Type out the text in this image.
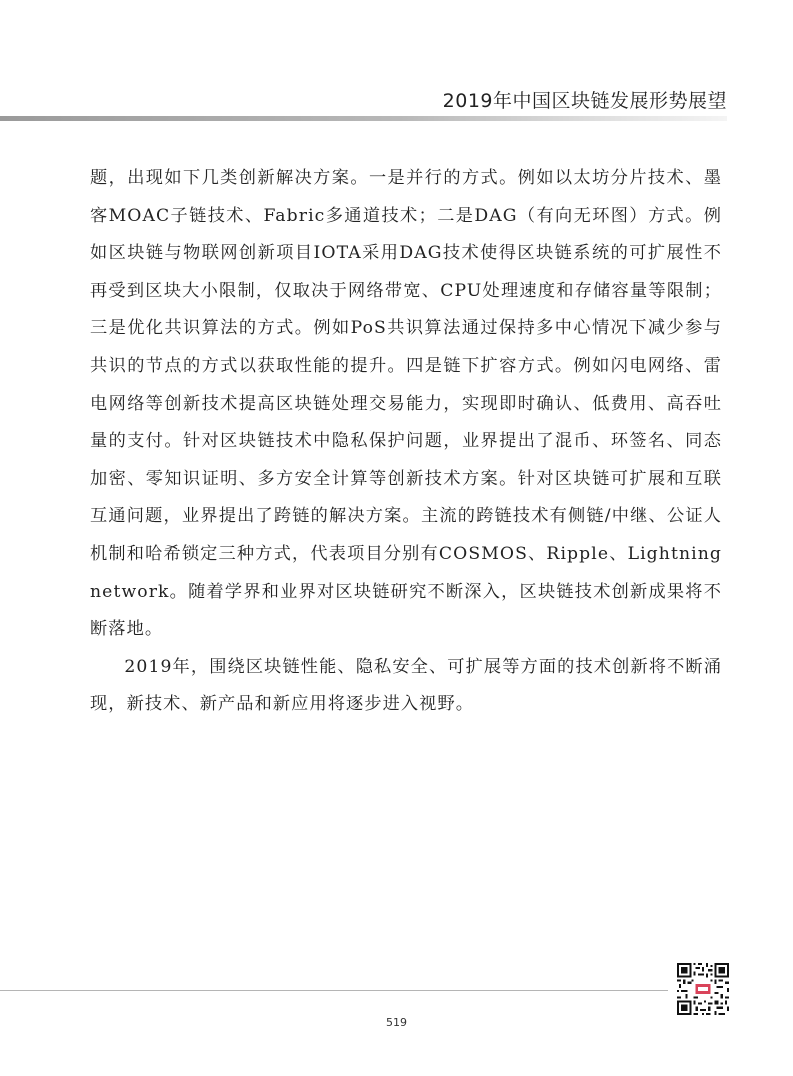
2019年中国区块链发展形势展望

题，出现如下几类创新解决方案。一是并行的方式。例如以太坊分片技术、墨客MOAC子链技术、Fabric多通道技术；二是DAG（有向无环图）方式。例如区块链与物联网创新项目IOTA采用DAG技术使得区块链系统的可扩展性不再受到区块大小限制，仅取决于网络带宽、CPU处理速度和存储容量等限制；三是优化共识算法的方式。例如PoS共识算法通过保持多中心情况下减少参与共识的节点的方式以获取性能的提升。四是链下扩容方式。例如闪电网络、雷电网络等创新技术提高区块链处理交易能力，实现即时确认、低费用、高吞吐量的支付。针对区块链技术中隐私保护问题，业界提出了混币、环签名、同态加密、零知识证明、多方安全计算等创新技术方案。针对区块链可扩展和互联互通问题，业界提出了跨链的解决方案。主流的跨链技术有侧链/中继、公证人机制和哈希锁定三种方式，代表项目分别有COSMOS、Ripple、Lightning network。随着学界和业界对区块链研究不断深入，区块链技术创新成果将不断落地。

2019年，围绕区块链性能、隐私安全、可扩展等方面的技术创新将不断涌现，新技术、新产品和新应用将逐步进入视野。

519
